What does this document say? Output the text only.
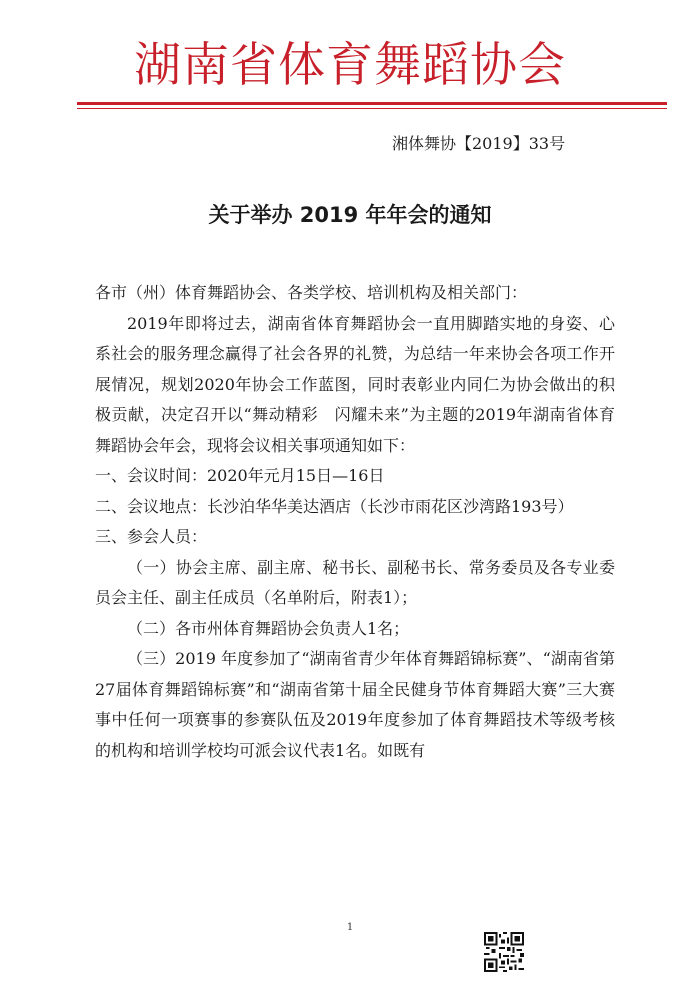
湖南省体育舞蹈协会
湘体舞协【2019】33号
关于举办 2019 年年会的通知

各市（州）体育舞蹈协会、各类学校、培训机构及相关部门：

2019年即将过去，湖南省体育舞蹈协会一直用脚踏实地的身姿、心系社会的服务理念赢得了社会各界的礼赞，为总结一年来协会各项工作开展情况，规划2020年协会工作蓝图，同时表彰业内同仁为协会做出的积极贡献，决定召开以“舞动精彩　闪耀未来”为主题的2019年湖南省体育舞蹈协会年会，现将会议相关事项通知如下：

一、会议时间：2020年元月15日—16日

二、会议地点：长沙泊华华美达酒店（长沙市雨花区沙湾路193号）

三、参会人员：

（一）协会主席、副主席、秘书长、副秘书长、常务委员及各专业委员会主任、副主任成员（名单附后，附表1）；

（二）各市州体育舞蹈协会负责人1名；

（三）2019 年度参加了“湖南省青少年体育舞蹈锦标赛”、“湖南省第27届体育舞蹈锦标赛”和“湖南省第十届全民健身节体育舞蹈大赛”三大赛事中任何一项赛事的参赛队伍及2019年度参加了体育舞蹈技术等级考核的机构和培训学校均可派会议代表1名。如既有

1
